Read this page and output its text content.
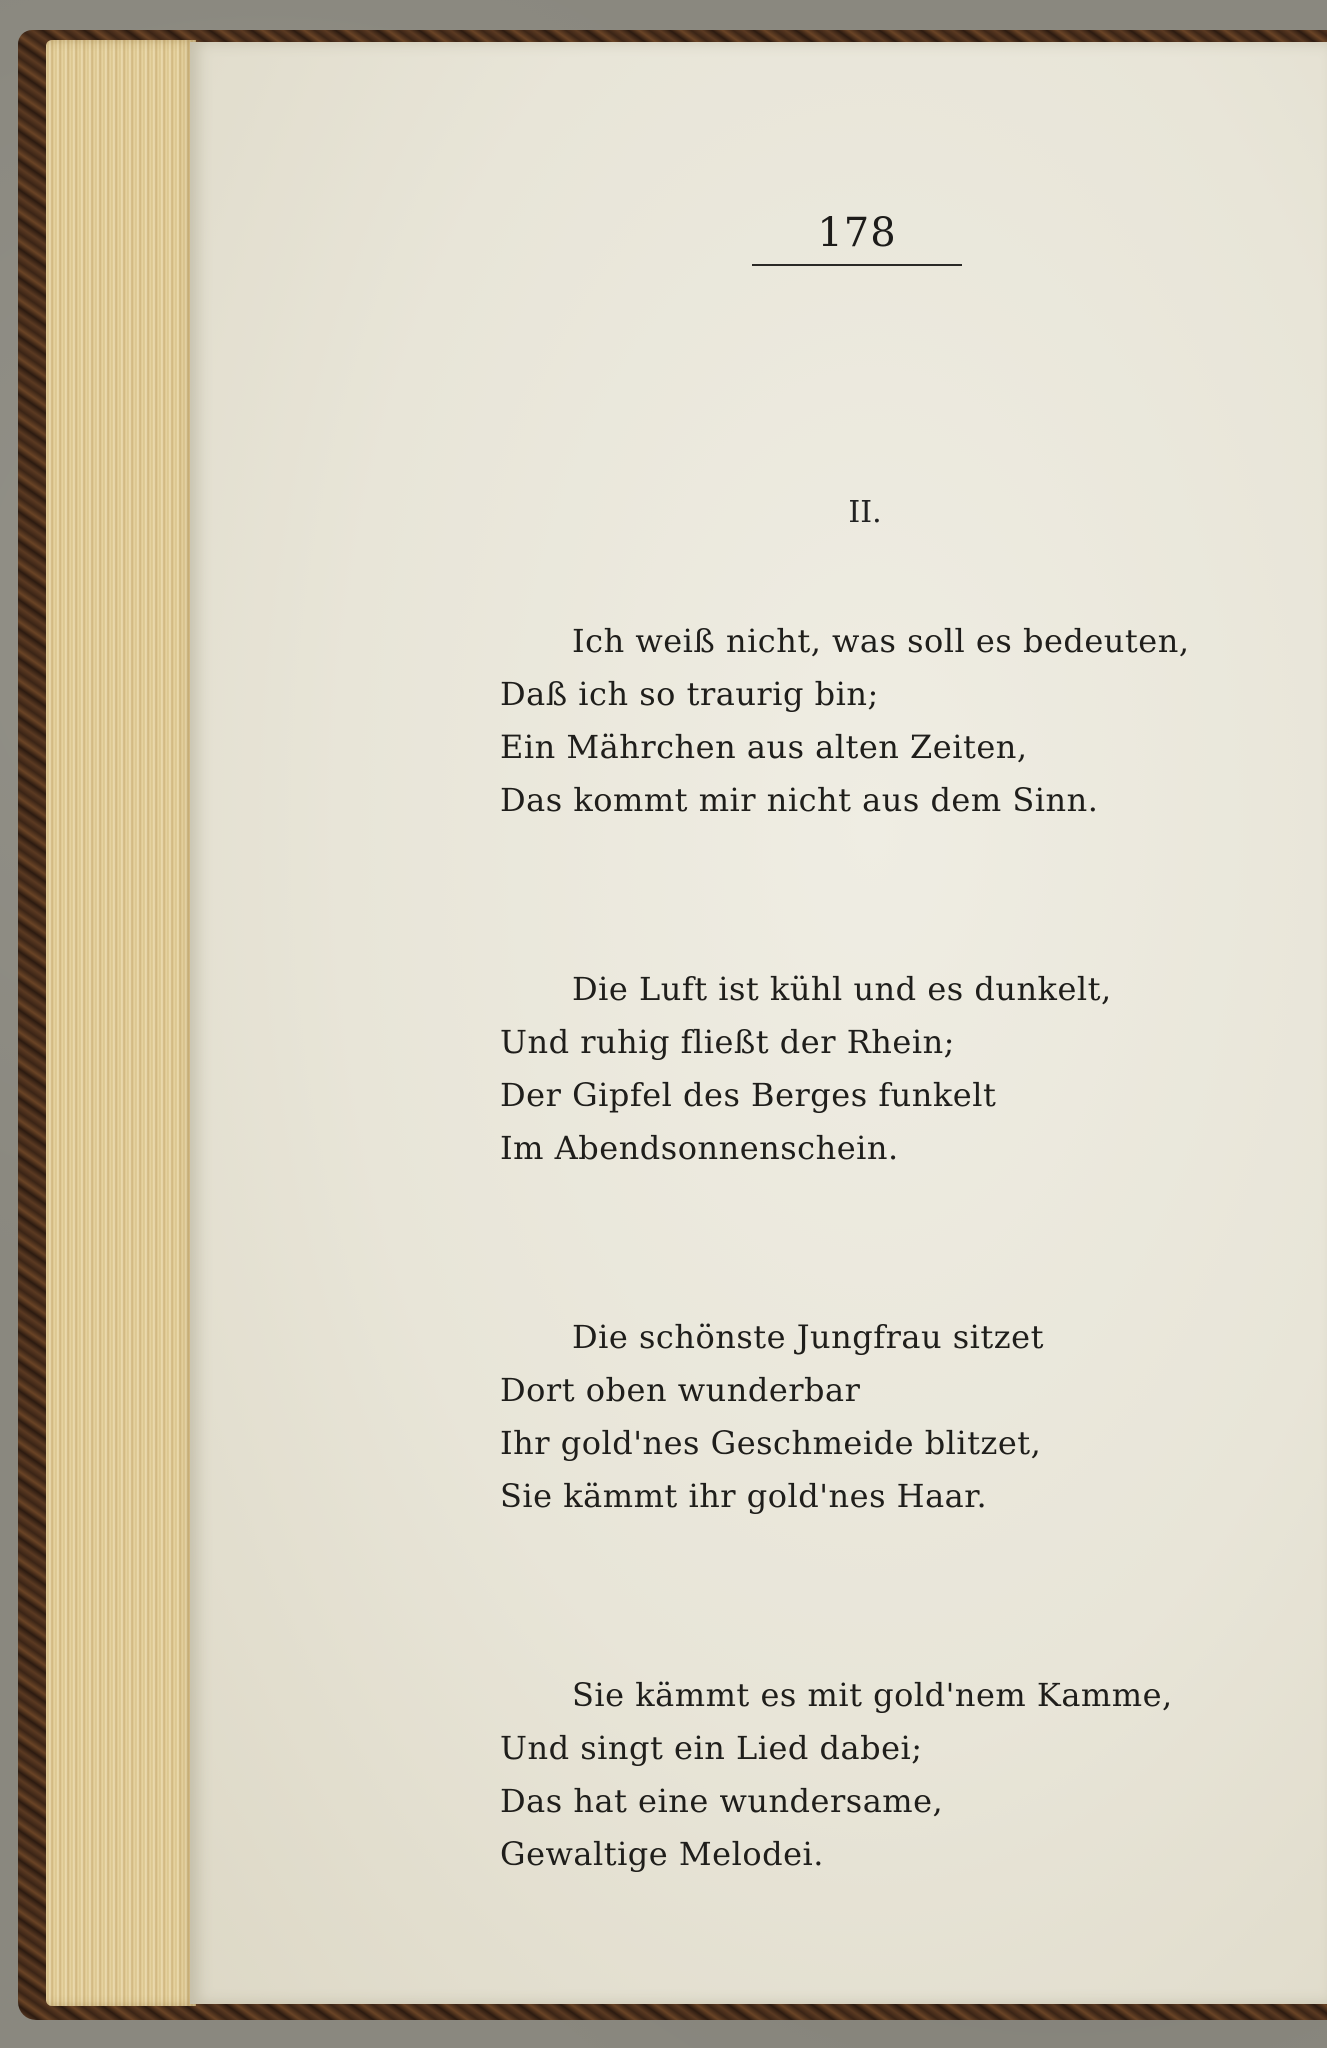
178
II.
Ich weiß nicht, was soll es bedeuten,
Daß ich so traurig bin;
Ein Mährchen aus alten Zeiten,
Das kommt mir nicht aus dem Sinn.
Die Luft ist kühl und es dunkelt,
Und ruhig fließt der Rhein;
Der Gipfel des Berges funkelt
Im Abendsonnenschein.
Die schönste Jungfrau sitzet
Dort oben wunderbar
Ihr gold'nes Geschmeide blitzet,
Sie kämmt ihr gold'nes Haar.
Sie kämmt es mit gold'nem Kamme,
Und singt ein Lied dabei;
Das hat eine wundersame,
Gewaltige Melodei.
